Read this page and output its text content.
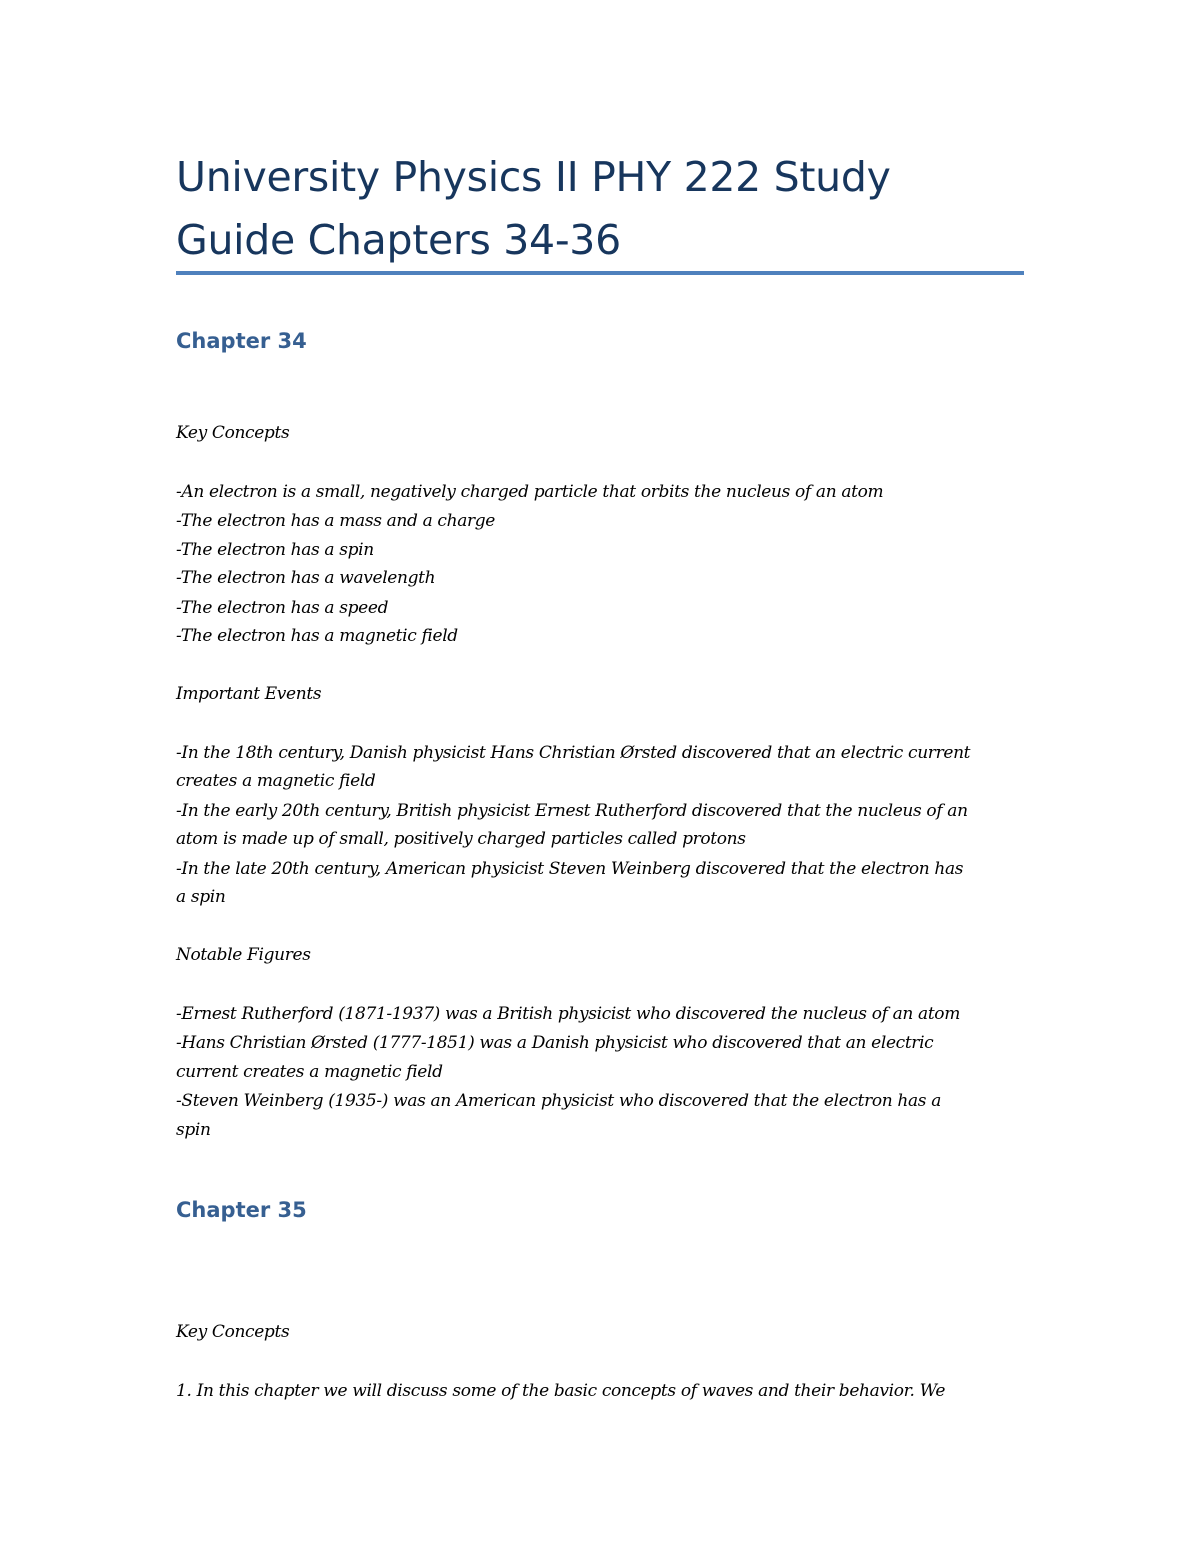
University Physics II PHY 222 Study
Guide Chapters 34-36
Chapter 34

Key Concepts

-An electron is a small, negatively charged particle that orbits the nucleus of an atom

-The electron has a mass and a charge

-The electron has a spin

-The electron has a wavelength

-The electron has a speed

-The electron has a magnetic field

Important Events

-In the 18th century, Danish physicist Hans Christian Ørsted discovered that an electric current

creates a magnetic field

-In the early 20th century, British physicist Ernest Rutherford discovered that the nucleus of an

atom is made up of small, positively charged particles called protons

-In the late 20th century, American physicist Steven Weinberg discovered that the electron has

a spin

Notable Figures

-Ernest Rutherford (1871-1937) was a British physicist who discovered the nucleus of an atom

-Hans Christian Ørsted (1777-1851) was a Danish physicist who discovered that an electric

current creates a magnetic field

-Steven Weinberg (1935-) was an American physicist who discovered that the electron has a

spin

Chapter 35

Key Concepts

1. In this chapter we will discuss some of the basic concepts of waves and their behavior. We
